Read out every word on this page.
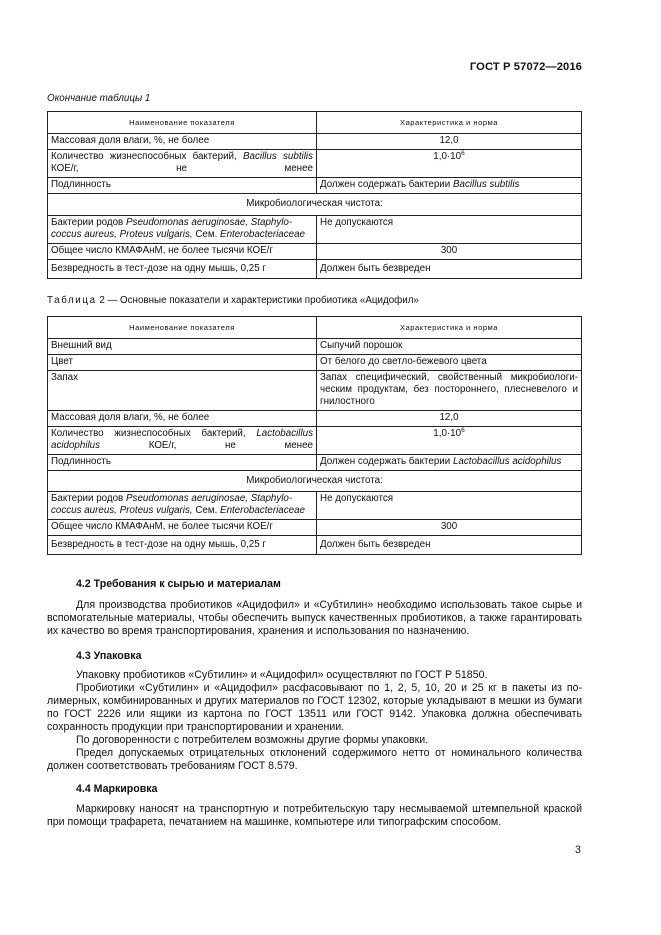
ГОСТ Р 57072—2016
Окончание таблицы 1
Наименование показателя	Характеристика и норма
Массовая доля влаги, %, не более	12,0
Количество жизнеспособных бактерий, Bacillus subtilis
КОЕ/г, не менее	$1,0\cdot 10^6$
Подлинность	Должен содержать бактерии Bacillus subtilis
Микробиологическая чистота:	
Бактерии родов Pseudomonas aeruginosae, Staphylo-
coccus aureus, Proteus vulgaris, Сем. Enterobacteriaceae	Не допускаются
Общее число КМАФАнМ, не более тысячи КОЕ/г	300
Безвредность в тест-дозе на одну мышь, 0,25 г	Должен быть безвреден
Таблица 2 — Основные показатели и характеристики пробиотика «Ацидофил»
Наименование показателя	Характеристика и норма
Внешний вид	Сыпучий порошок
Цвет	От белого до светло-бежевого цвета
Запах	Запах специфический, свойственный микробиологи-
ческим продуктам, без постороннего, плесневелого и
гнилостного
Массовая доля влаги, %, не более	12,0
Количество жизнеспособных бактерий, Lactobacillus
acidophilus КОЕ/г, не менее	$1,0\cdot 10^6$
Подлинность	Должен содержать бактерии Lactobacillus acidophilus
Микробиологическая чистота:	
Бактерии родов Pseudomonas aeruginosae, Staphylo-
coccus aureus, Proteus vulgaris, Сем. Enterobacteriaceae	Не допускаются
Общее число КМАФАнМ, не более тысячи КОЕ/г	300
Безвредность в тест-дозе на одну мышь, 0,25 г	Должен быть безвреден
4.2 Требования к сырью и материалам

Для производства пробиотиков «Ацидофил» и «Субтилин» необходимо использовать такое сырье и вспомогательные материалы, чтобы обеспечить выпуск качественных пробиотиков, а также гарантировать их качество во время транспортирования, хранения и использования по назначению.

4.3 Упаковка

Упаковку пробиотиков «Субтилин» и «Ацидофил» осуществляют по ГОСТ Р 51850.

Пробиотики «Субтилин» и «Ацидофил» расфасовывают по 1, 2, 5, 10, 20 и 25 кг в пакеты из полимерных, комбинированных и других материалов по ГОСТ 12302, которые укладывают в мешки из бумаги по ГОСТ 2226 или ящики из картона по ГОСТ 13511 или ГОСТ 9142. Упаковка должна обеспечивать сохранность продукции при транспортировании и хранении.

По договоренности с потребителем возможны другие формы упаковки.

Предел допускаемых отрицательных отклонений содержимого нетто от номинального количества должен соответствовать требованиям ГОСТ 8.579.

4.4 Маркировка

Маркировку наносят на транспортную и потребительскую тару несмываемой штемпельной краской при помощи трафарета, печатанием на машинке, компьютере или типографским способом.

3
